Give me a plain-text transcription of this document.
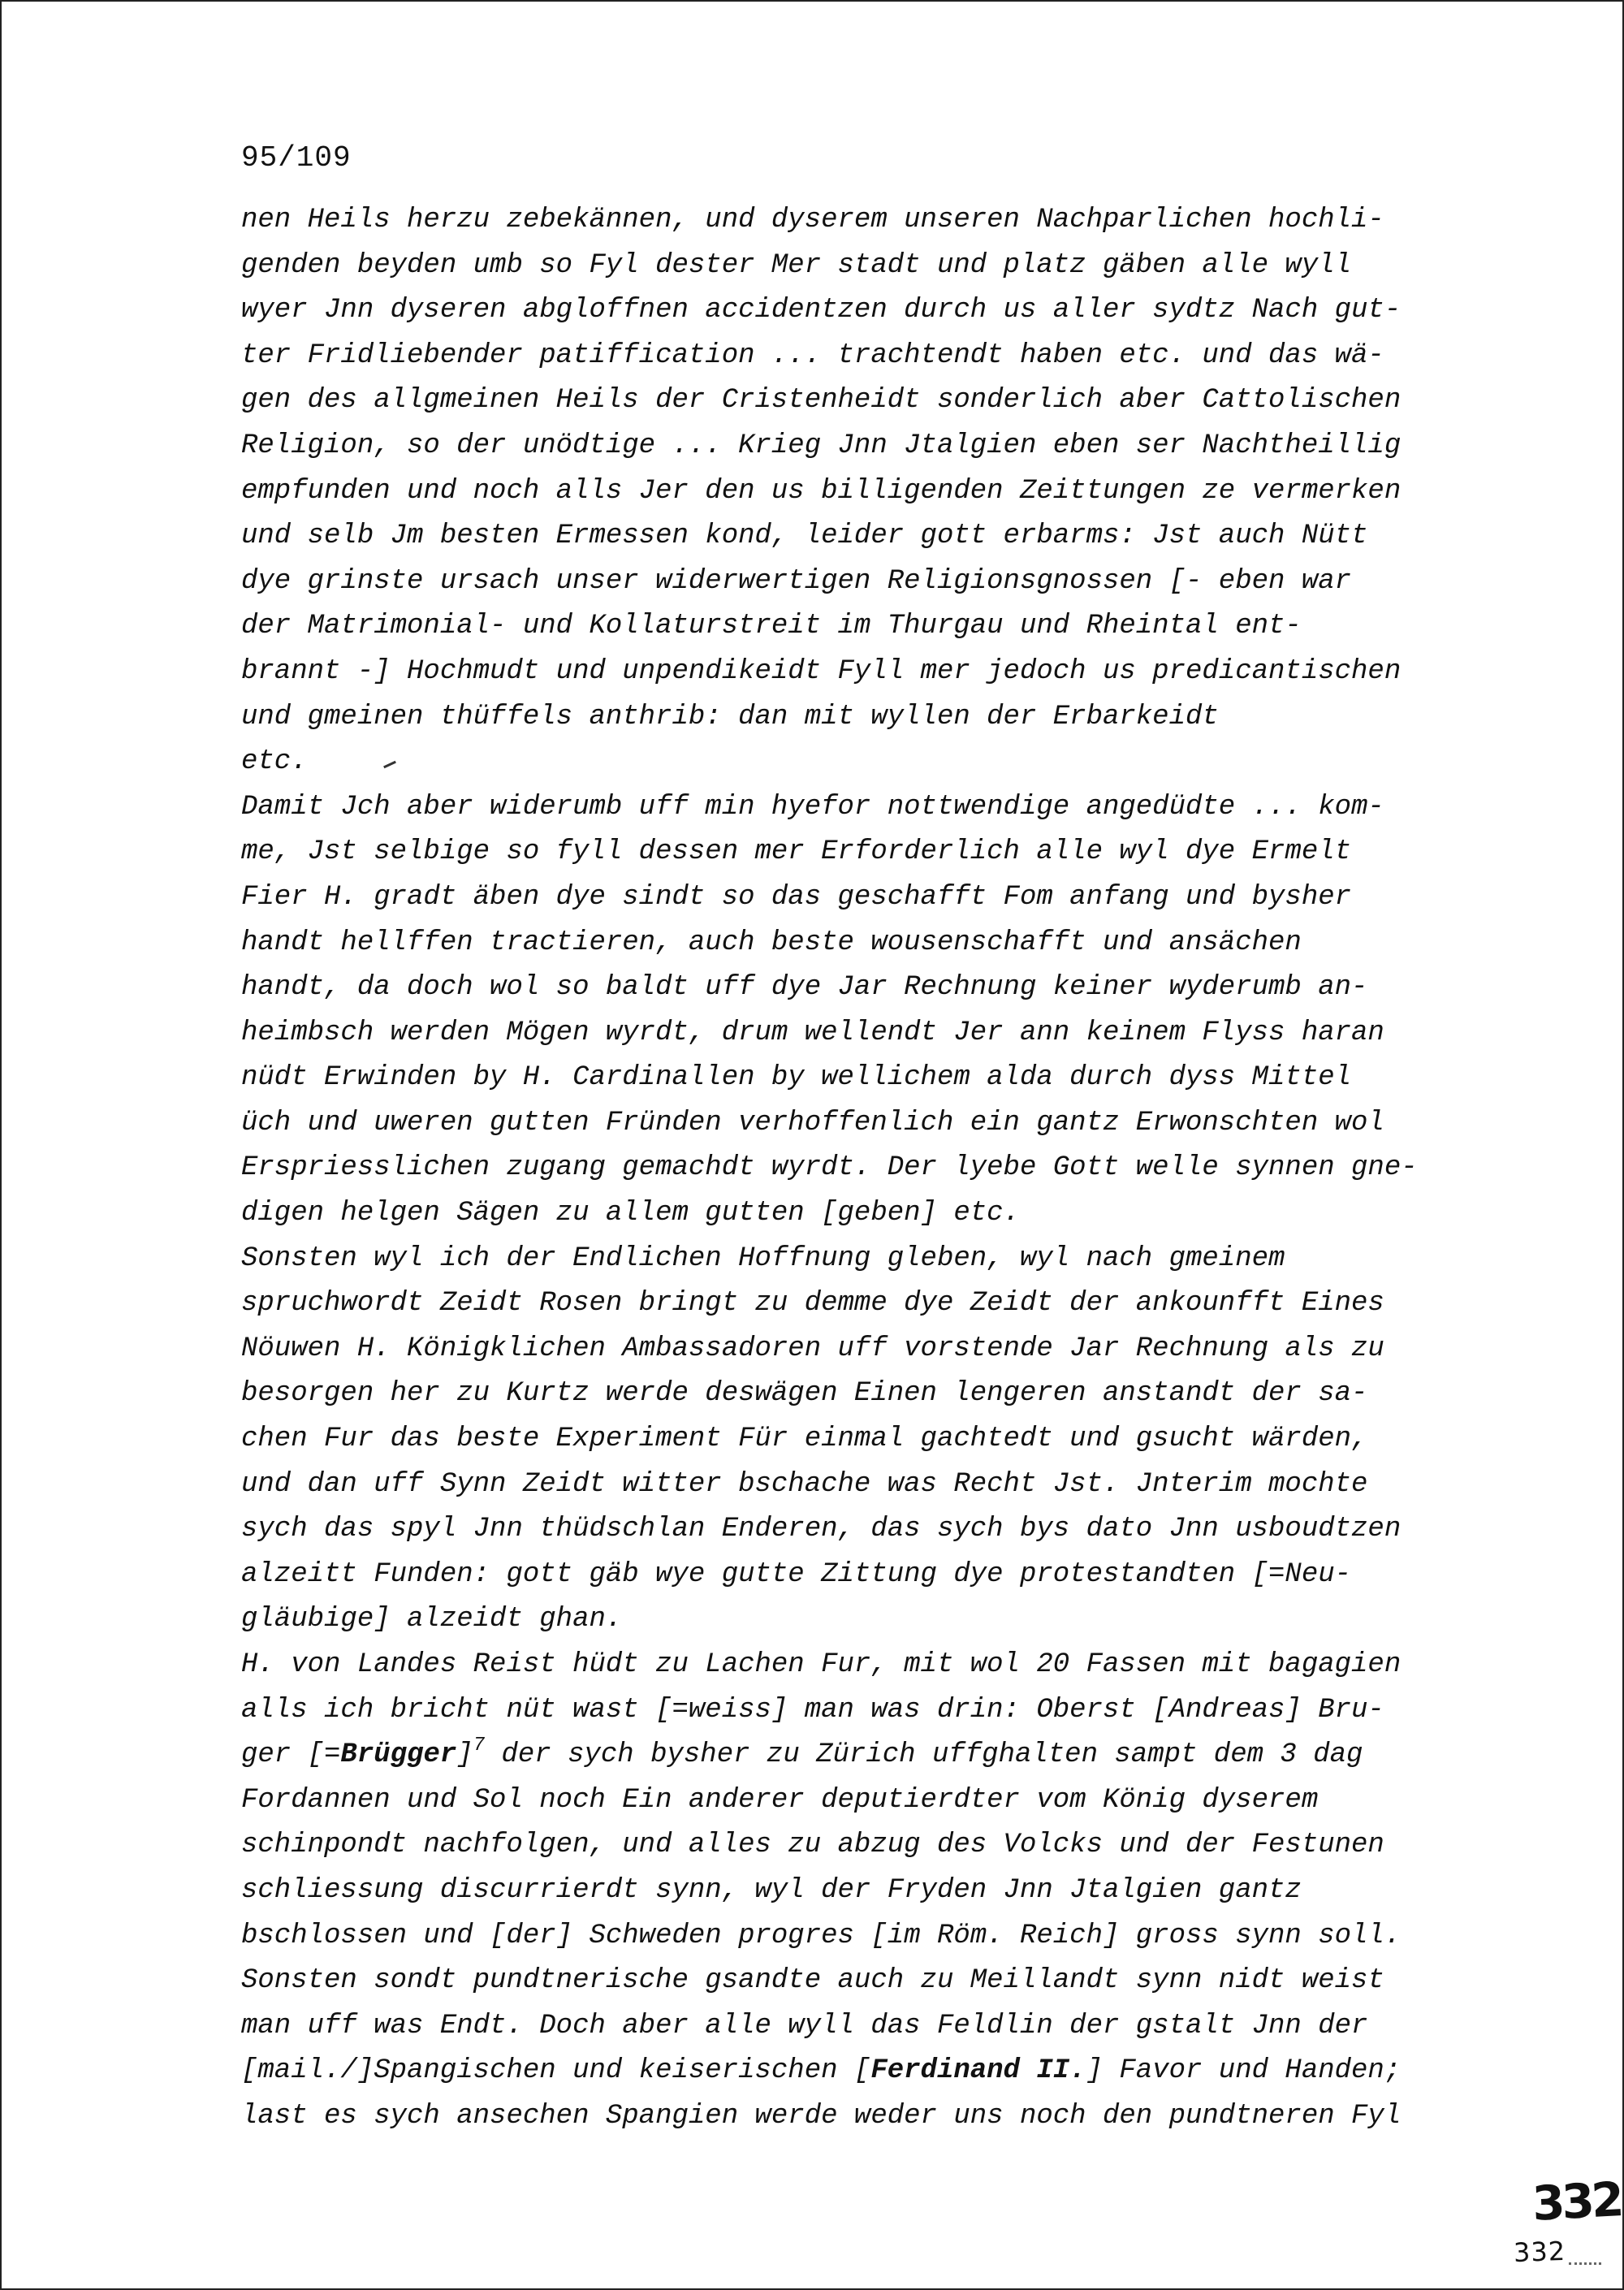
95/109
nen Heils herzu zebekännen, und dyserem unseren Nachparlichen hochli-
genden beyden umb so Fyl dester Mer stadt und platz gäben alle wyll
wyer Jnn dyseren abgloffnen accidentzen durch us aller sydtz Nach gut-
ter Fridliebender patiffication ... trachtendt haben etc. und das wä-
gen des allgmeinen Heils der Cristenheidt sonderlich aber Cattolischen
Religion, so der unödtige ... Krieg Jnn Jtalgien eben ser Nachtheillig
empfunden und noch alls Jer den us billigenden Zeittungen ze vermerken
und selb Jm besten Ermessen kond, leider gott erbarms: Jst auch Nütt
dye grinste ursach unser widerwertigen Religionsgnossen [- eben war
der Matrimonial- und Kollaturstreit im Thurgau und Rheintal ent-
brannt -] Hochmudt und unpendikeidt Fyll mer jedoch us predicantischen
und gmeinen thüffels anthrib: dan mit wyllen der Erbarkeidt
etc.
Damit Jch aber widerumb uff min hyefor nottwendige angedüdte ... kom-
me, Jst selbige so fyll dessen mer Erforderlich alle wyl dye Ermelt
Fier H. gradt äben dye sindt so das geschafft Fom anfang und bysher
handt hellffen tractieren, auch beste wousenschafft und ansächen
handt, da doch wol so baldt uff dye Jar Rechnung keiner wyderumb an-
heimbsch werden Mögen wyrdt, drum wellendt Jer ann keinem Flyss haran
nüdt Erwinden by H. Cardinallen by wellichem alda durch dyss Mittel
üch und uweren gutten Fründen verhoffenlich ein gantz Erwonschten wol
Erspriesslichen zugang gemachdt wyrdt. Der lyebe Gott welle synnen gne-
digen helgen Sägen zu allem gutten [geben] etc.
Sonsten wyl ich der Endlichen Hoffnung gleben, wyl nach gmeinem
spruchwordt Zeidt Rosen bringt zu demme dye Zeidt der ankounfft Eines
Nöuwen H. Königklichen Ambassadoren uff vorstende Jar Rechnung als zu
besorgen her zu Kurtz werde deswägen Einen lengeren anstandt der sa-
chen Fur das beste Experiment Für einmal gachtedt und gsucht wärden,
und dan uff Synn Zeidt witter bschache was Recht Jst. Jnterim mochte
sych das spyl Jnn thüdschlan Enderen, das sych bys dato Jnn usboudtzen
alzeitt Funden: gott gäb wye gutte Zittung dye protestandten [=Neu-
gläubige] alzeidt ghan.
H. von Landes Reist hüdt zu Lachen Fur, mit wol 20 Fassen mit bagagien
alls ich bricht nüt wast [=weiss] man was drin: Oberst [Andreas] Bru-
ger [=Brügger]$^7$ der sych bysher zu Zürich uffghalten sampt dem 3 dag
Fordannen und Sol noch Ein anderer deputierdter vom König dyserem
schinpondt nachfolgen, und alles zu abzug des Volcks und der Festunen
schliessung discurrierdt synn, wyl der Fryden Jnn Jtalgien gantz
bschlossen und [der] Schweden progres [im Röm. Reich] gross synn soll.
Sonsten sondt pundtnerische gsandte auch zu Meillandt synn nidt weist
man uff was Endt. Doch aber alle wyll das Feldlin der gstalt Jnn der
[mail./]Spangischen und keiserischen [Ferdinand II.] Favor und Handen;
last es sych ansechen Spangien werde weder uns noch den pundtneren Fyl
332
332
